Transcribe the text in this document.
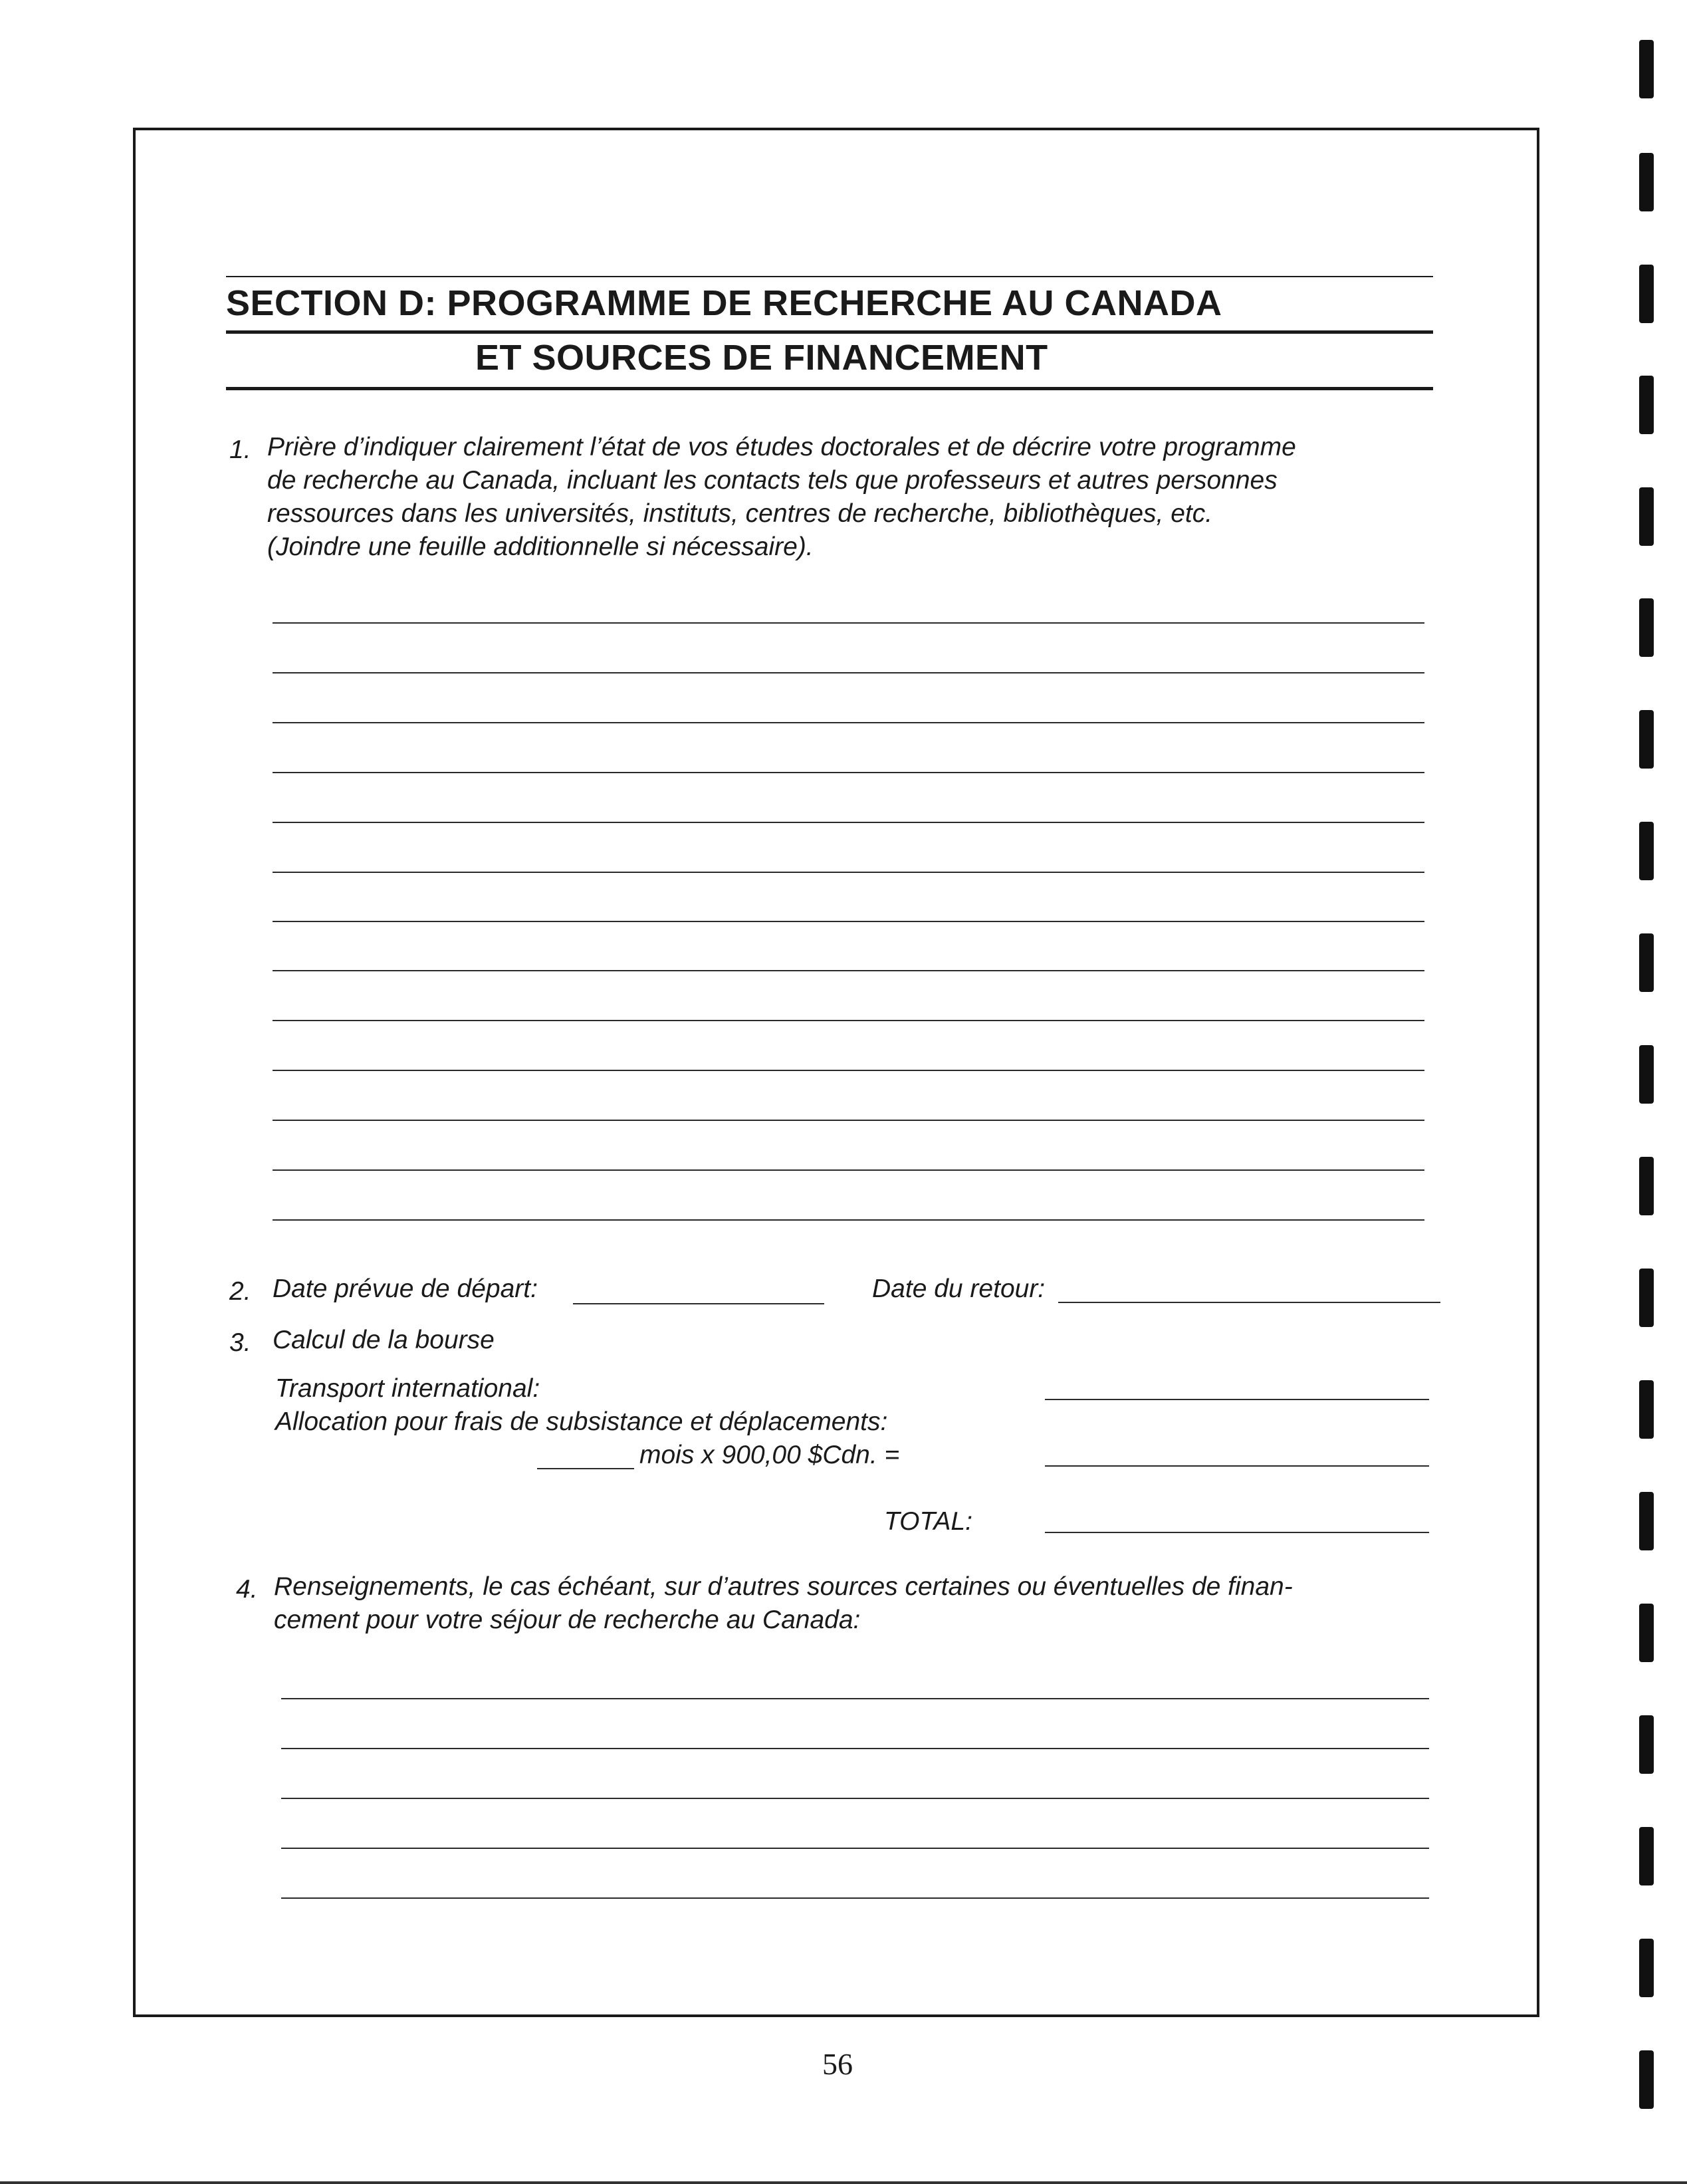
SECTION D: PROGRAMME DE RECHERCHE AU CANADA
ET SOURCES DE FINANCEMENT
1. Prière d’indiquer clairement l’état de vos études doctorales et de décrire votre programme
de recherche au Canada, incluant les contacts tels que professeurs et autres personnes
ressources dans les universités, instituts, centres de recherche, bibliothèques, etc.
(Joindre une feuille additionnelle si nécessaire).
2. Date prévue de départ:	Date du retour:
3. Calcul de la bourse
Transport international:
Allocation pour frais de subsistance et déplacements:
mois x 900,00 $Cdn. =
TOTAL:
4. Renseignements, le cas échéant, sur d’autres sources certaines ou éventuelles de finan-
cement pour votre séjour de recherche au Canada:
56
